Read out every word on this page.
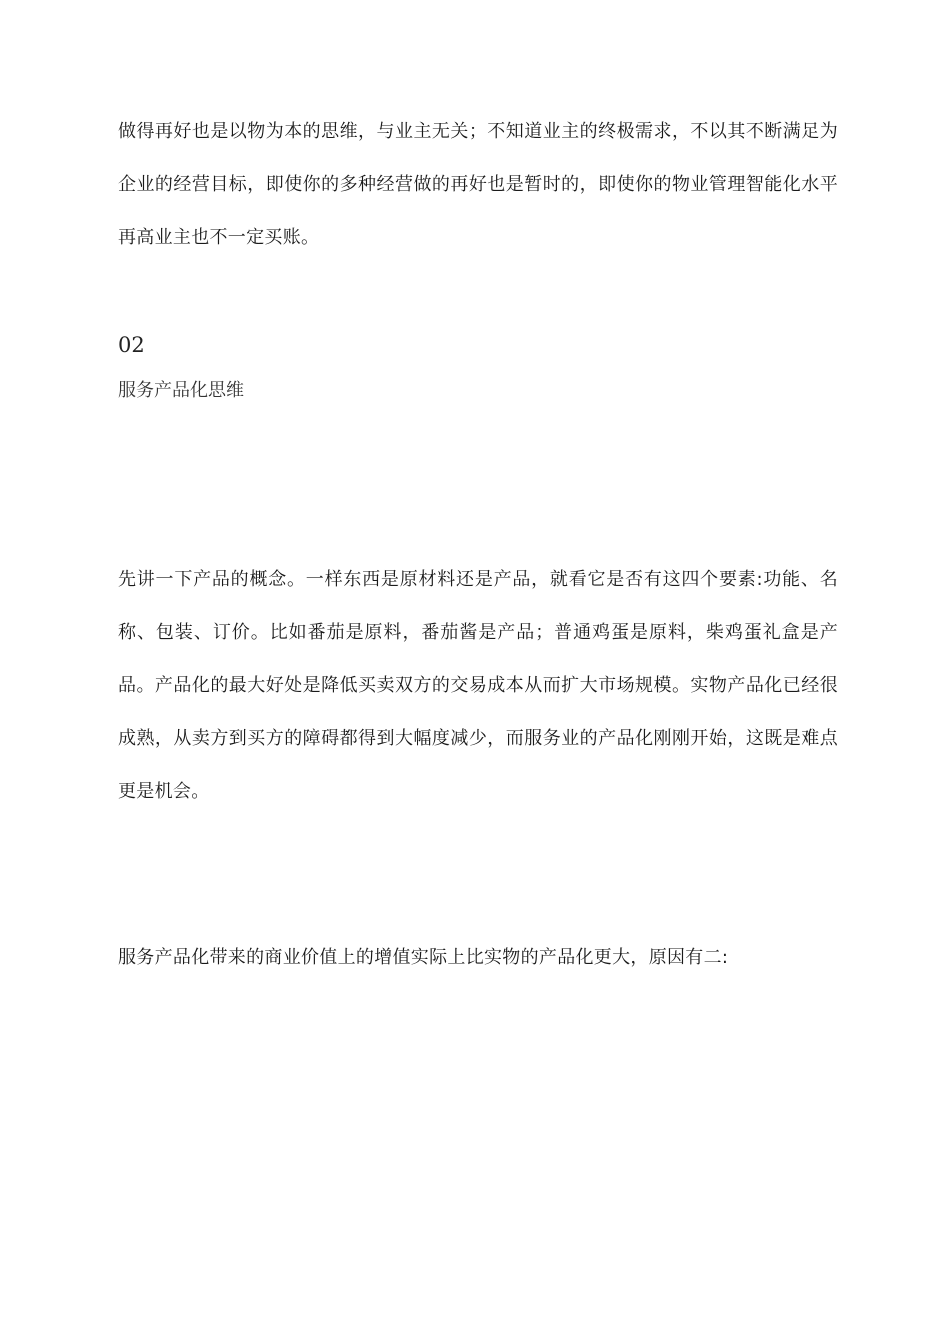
做得再好也是以物为本的思维，与业主无关；不知道业主的终极需求，不以其不断满足为企业的经营目标，即使你的多种经营做的再好也是暂时的，即使你的物业管理智能化水平再高业主也不一定买账。

02
服务产品化思维

先讲一下产品的概念。一样东西是原材料还是产品，就看它是否有这四个要素:功能、名称、包装、订价。比如番茄是原料，番茄酱是产品；普通鸡蛋是原料，柴鸡蛋礼盒是产品。产品化的最大好处是降低买卖双方的交易成本从而扩大市场规模。实物产品化已经很成熟，从卖方到买方的障碍都得到大幅度减少，而服务业的产品化刚刚开始，这既是难点更是机会。

服务产品化带来的商业价值上的增值实际上比实物的产品化更大，原因有二:
